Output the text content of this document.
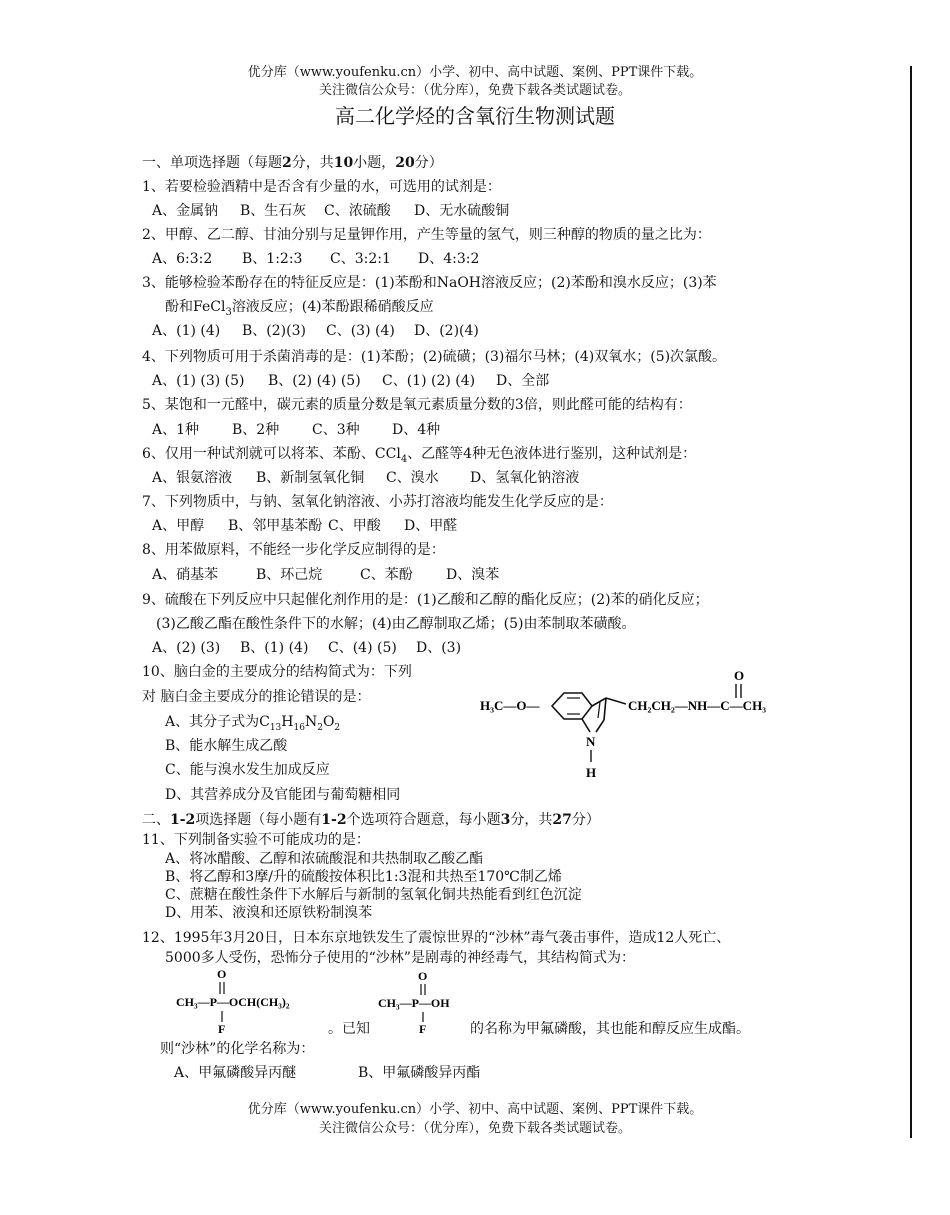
优分库（www.youfenku.cn）小学、初中、高中试题、案例、PPT课件下载。
关注微信公众号：（优分库），免费下载各类试题试卷。
高二化学烃的含氧衍生物测试题
一、单项选择题（每题2分，共10小题，20分）
1、若要检验酒精中是否含有少量的水，可选用的试剂是：
A、金属钠 B、生石灰 C、浓硫酸 D、无水硫酸铜
2、甲醇、乙二醇、甘油分别与足量钾作用，产生等量的氢气，则三种醇的物质的量之比为：
A、6:3:2 B、1:2:3 C、3:2:1 D、4:3:2
3、能够检验苯酚存在的特征反应是：(1)苯酚和NaOH溶液反应；(2)苯酚和溴水反应；(3)苯
酚和FeCl$_3$溶液反应；(4)苯酚跟稀硝酸反应
A、(1) (4) B、(2)(3) C、(3) (4) D、(2)(4)
4、下列物质可用于杀菌消毒的是：(1)苯酚；(2)硫磺；(3)福尔马林；(4)双氧水；(5)次氯酸。
A、(1) (3) (5) B、(2) (4) (5) C、(1) (2) (4) D、全部
5、某饱和一元醛中，碳元素的质量分数是氧元素质量分数的3倍，则此醛可能的结构有：
A、1种 B、2种 C、3种 D、4种
6、仅用一种试剂就可以将苯、苯酚、CCl$_4$、乙醛等4种无色液体进行鉴别，这种试剂是：
A、银氨溶液 B、新制氢氧化铜 C、溴水 D、氢氧化钠溶液
7、下列物质中，与钠、氢氧化钠溶液、小苏打溶液均能发生化学反应的是：
A、甲醇 B、邻甲基苯酚 C、甲酸 D、甲醛
8、用苯做原料，不能经一步化学反应制得的是：
A、硝基苯	B、环己烷	C、苯酚 D、溴苯
9、硫酸在下列反应中只起催化剂作用的是：(1)乙酸和乙醇的酯化反应；(2)苯的硝化反应；
(3)乙酸乙酯在酸性条件下的水解；(4)由乙醇制取乙烯；(5)由苯制取苯磺酸。
A、(2) (3) B、(1) (4) C、(4) (5) D、(3)
10、脑白金的主要成分的结构简式为：下列
对 脑白金主要成分的推论错误的是：
A、其分子式为$C_{13}H_{16}N_2O_2$
B、能水解生成乙酸
C、能与溴水发生加成反应
D、其营养成分及官能团与葡萄糖相同
H₃C—O—
N
H
CH₂CH₂—NH—C—CH₃
O
二、1-2项选择题（每小题有1-2个选项符合题意，每小题3分，共27分）
11、下列制备实验不可能成功的是：
A、将冰醋酸、乙醇和浓硫酸混和共热制取乙酸乙酯
B、将乙醇和3摩/升的硫酸按体积比1:3混和共热至170℃制乙烯
C、蔗糖在酸性条件下水解后与新制的氢氧化铜共热能看到红色沉淀
D、用苯、液溴和还原铁粉制溴苯
12、1995年3月20日，日本东京地铁发生了震惊世界的“沙林”毒气袭击事件，造成12人死亡、
5000多人受伤，恐怖分子使用的“沙林”是剧毒的神经毒气，其结构简式为：
O
CH₃—P—OCH(CH₃)₂
F	。已知
O
CH₃—P—OH
F	的名称为甲氟磷酸，其也能和醇反应生成酯。
则“沙林”的化学名称为：
A、甲氟磷酸异丙醚	B、甲氟磷酸异丙酯
优分库（www.youfenku.cn）小学、初中、高中试题、案例、PPT课件下载。
关注微信公众号：（优分库），免费下载各类试题试卷。
